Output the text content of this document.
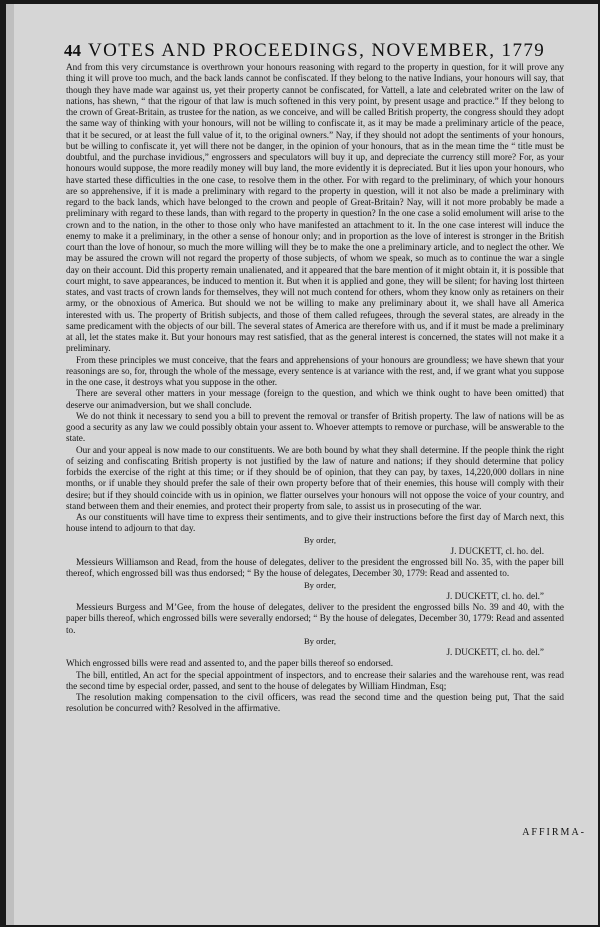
44 VOTES AND PROCEEDINGS, NOVEMBER, 1779

And from this very circumstance is overthrown your honours reasoning with regard to the property in question, for it will prove any thing it will prove too much, and the back lands cannot be confiscated. If they belong to the native Indians, your honours will say, that though they have made war against us, yet their property cannot be confiscated, for Vattell, a late and celebrated writer on the law of nations, has shewn, “ that the rigour of that law is much softened in this very point, by present usage and practice.” If they belong to the crown of Great-Britain, as trustee for the nation, as we conceive, and will be called British property, the congress should they adopt the same way of thinking with your honours, will not be willing to confiscate it, as it may be made a preliminary article of the peace, that it be secured, or at least the full value of it, to the original owners.” Nay, if they should not adopt the sentiments of your honours, but be willing to confiscate it, yet will there not be danger, in the opinion of your honours, that as in the mean time the “ title must be doubtful, and the purchase invidious,” engrossers and speculators will buy it up, and depreciate the currency still more? For, as your honours would suppose, the more readily money will buy land, the more evidently it is depreciated. But it lies upon your honours, who have started these difficulties in the one case, to resolve them in the other. For with regard to the preliminary, of which your honours are so apprehensive, if it is made a preliminary with regard to the property in question, will it not also be made a preliminary with regard to the back lands, which have belonged to the crown and people of Great-Britain? Nay, will it not more probably be made a preliminary with regard to these lands, than with regard to the property in question? In the one case a solid emolument will arise to the crown and to the nation, in the other to those only who have manifested an attachment to it. In the one case interest will induce the enemy to make it a preliminary, in the other a sense of honour only; and in proportion as the love of interest is stronger in the British court than the love of honour, so much the more willing will they be to make the one a preliminary article, and to neglect the other. We may be assured the crown will not regard the property of those subjects, of whom we speak, so much as to continue the war a single day on their account. Did this property remain unalienated, and it appeared that the bare mention of it might obtain it, it is possible that court might, to save appearances, be induced to mention it. But when it is applied and gone, they will be silent; for having lost thirteen states, and vast tracts of crown lands for themselves, they will not much contend for others, whom they know only as retainers on their army, or the obnoxious of America. But should we not be willing to make any preliminary about it, we shall have all America interested with us. The property of British subjects, and those of them called refugees, through the several states, are already in the same predicament with the objects of our bill. The several states of America are therefore with us, and if it must be made a preliminary at all, let the states make it. But your honours may rest satisfied, that as the general interest is concerned, the states will not make it a preliminary.

From these principles we must conceive, that the fears and apprehensions of your honours are groundless; we have shewn that your reasonings are so, for, through the whole of the message, every sentence is at variance with the rest, and, if we grant what you suppose in the one case, it destroys what you suppose in the other.

There are several other matters in your message (foreign to the question, and which we think ought to have been omitted) that deserve our animadversion, but we shall conclude.

We do not think it necessary to send you a bill to prevent the removal or transfer of British property. The law of nations will be as good a security as any law we could possibly obtain your assent to. Whoever attempts to remove or purchase, will be answerable to the state.

Our and your appeal is now made to our constituents. We are both bound by what they shall determine. If the people think the right of seizing and confiscating British property is not justified by the law of nature and nations; if they should determine that policy forbids the exercise of the right at this time; or if they should be of opinion, that they can pay, by taxes, 14,220,000 dollars in nine months, or if unable they should prefer the sale of their own property before that of their enemies, this house will comply with their desire; but if they should coincide with us in opinion, we flatter ourselves your honours will not oppose the voice of your country, and stand between them and their enemies, and protect their property from sale, to assist us in prosecuting of the war.

As our constituents will have time to express their sentiments, and to give their instructions before the first day of March next, this house intend to adjourn to that day.

By order,

J. DUCKETT, cl. ho. del.

Messieurs Williamson and Read, from the house of delegates, deliver to the president the engrossed bill No. 35, with the paper bill thereof, which engrossed bill was thus endorsed; “ By the house of delegates, December 30, 1779: Read and assented to.

By order,

J. DUCKETT, cl. ho. del.”

Messieurs Burgess and M’Gee, from the house of delegates, deliver to the president the engrossed bills No. 39 and 40, with the paper bills thereof, which engrossed bills were severally endorsed; “ By the house of delegates, December 30, 1779: Read and assented to.

By order,

J. DUCKETT, cl. ho. del.”

Which engrossed bills were read and assented to, and the paper bills thereof so endorsed.

The bill, entitled, An act for the special appointment of inspectors, and to encrease their salaries and the warehouse rent, was read the second time by especial order, passed, and sent to the house of delegates by William Hindman, Esq;

The resolution making compensation to the civil officers, was read the second time and the question being put, That the said resolution be concurred with? Resolved in the affirmative.

AFFIRMA-
